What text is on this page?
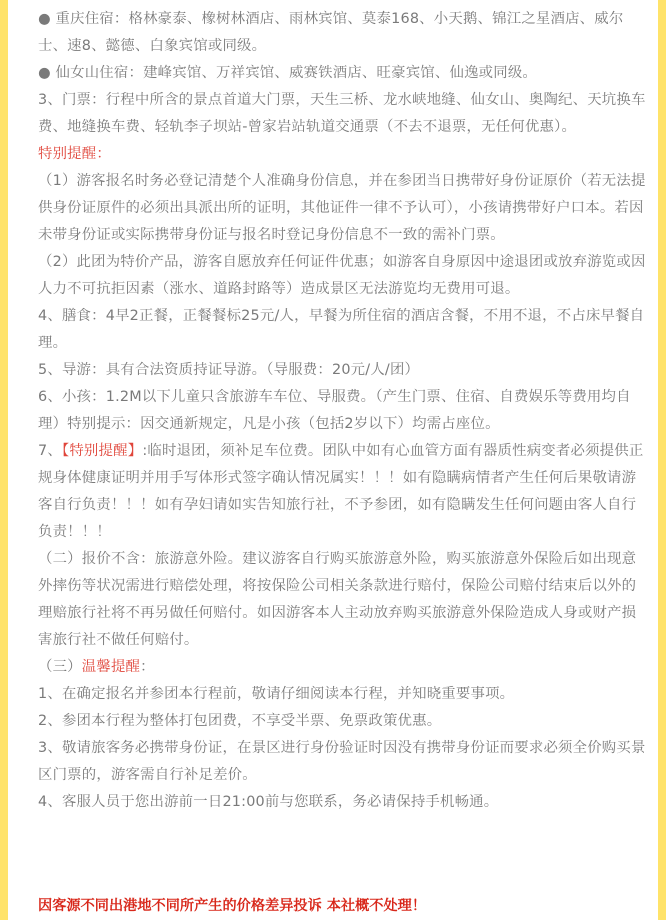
● 重庆住宿：格林豪泰、橡树林酒店、雨林宾馆、莫泰168、小天鹅、锦江之星酒店、威尔士、速8、懿德、白象宾馆或同级。

● 仙女山住宿：建峰宾馆、万祥宾馆、威赛铁酒店、旺豪宾馆、仙逸或同级。

3、门票：行程中所含的景点首道大门票，天生三桥、龙水峡地缝、仙女山、奥陶纪、天坑换车费、地缝换车费、轻轨李子坝站-曾家岩站轨道交通票（不去不退票，无任何优惠）。

特别提醒：

（1）游客报名时务必登记清楚个人准确身份信息，并在参团当日携带好身份证原价（若无法提供身份证原件的必须出具派出所的证明，其他证件一律不予认可），小孩请携带好户口本。若因未带身份证或实际携带身份证与报名时登记身份信息不一致的需补门票。

（2）此团为特价产品，游客自愿放弃任何证件优惠；如游客自身原因中途退团或放弃游览或因人力不可抗拒因素（涨水、道路封路等）造成景区无法游览均无费用可退。

4、膳食：4早2正餐，正餐餐标25元/人，早餐为所住宿的酒店含餐，不用不退，不占床早餐自理。

5、导游：具有合法资质持证导游。（导服费：20元/人/团）

6、小孩：1.2M以下儿童只含旅游车车位、导服费。（产生门票、住宿、自费娱乐等费用均自理）特别提示：因交通新规定，凡是小孩（包括2岁以下）均需占座位。

7、【特别提醒】:临时退团，须补足车位费。团队中如有心血管方面有器质性病变者必须提供正规身体健康证明并用手写体形式签字确认情况属实！！！如有隐瞒病情者产生任何后果敬请游客自行负责！！！如有孕妇请如实告知旅行社，不予参团，如有隐瞒发生任何问题由客人自行负责！！！

（二）报价不含：旅游意外险。建议游客自行购买旅游意外险，购买旅游意外保险后如出现意外摔伤等状况需进行赔偿处理，将按保险公司相关条款进行赔付，保险公司赔付结束后以外的理赔旅行社将不再另做任何赔付。如因游客本人主动放弃购买旅游意外保险造成人身或财产损害旅行社不做任何赔付。

（三）温馨提醒：

1、在确定报名并参团本行程前，敬请仔细阅读本行程，并知晓重要事项。

2、参团本行程为整体打包团费，不享受半票、免票政策优惠。

3、敬请旅客务必携带身份证，在景区进行身份验证时因没有携带身份证而要求必须全价购买景区门票的，游客需自行补足差价。

4、客服人员于您出游前一日21:00前与您联系，务必请保持手机畅通。

因客源不同出港地不同所产生的价格差异投诉 本社概不处理！
